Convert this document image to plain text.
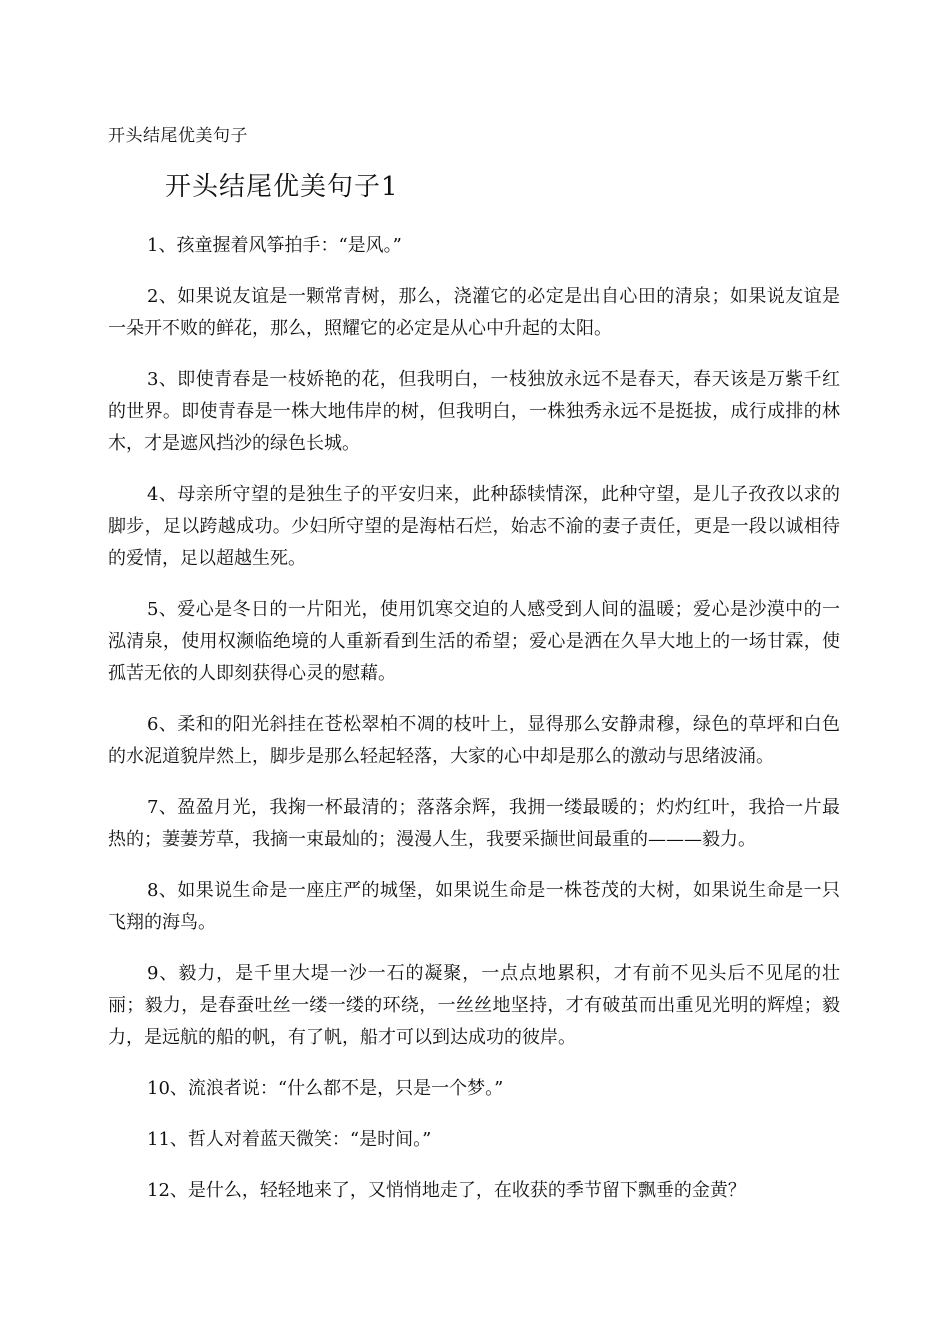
开头结尾优美句子
开头结尾优美句子1

1、孩童握着风筝拍手：“是风。”

2、如果说友谊是一颗常青树，那么，浇灌它的必定是出自心田的清泉；如果说友谊是一朵开不败的鲜花，那么，照耀它的必定是从心中升起的太阳。

3、即使青春是一枝娇艳的花，但我明白，一枝独放永远不是春天，春天该是万紫千红的世界。即使青春是一株大地伟岸的树，但我明白，一株独秀永远不是挺拔，成行成排的林木，才是遮风挡沙的绿色长城。

4、母亲所守望的是独生子的平安归来，此种舔犊情深，此种守望，是儿子孜孜以求的脚步，足以跨越成功。少妇所守望的是海枯石烂，始志不渝的妻子责任，更是一段以诚相待的爱情，足以超越生死。

5、爱心是冬日的一片阳光，使用饥寒交迫的人感受到人间的温暖；爱心是沙漠中的一泓清泉，使用权濒临绝境的人重新看到生活的希望；爱心是洒在久旱大地上的一场甘霖，使孤苦无依的人即刻获得心灵的慰藉。

6、柔和的阳光斜挂在苍松翠柏不凋的枝叶上，显得那么安静肃穆，绿色的草坪和白色的水泥道貌岸然上，脚步是那么轻起轻落，大家的心中却是那么的激动与思绪波涌。

7、盈盈月光，我掬一杯最清的；落落余辉，我拥一缕最暖的；灼灼红叶，我拾一片最热的；萋萋芳草，我摘一束最灿的；漫漫人生，我要采撷世间最重的———毅力。

8、如果说生命是一座庄严的城堡，如果说生命是一株苍茂的大树，如果说生命是一只飞翔的海鸟。

9、毅力，是千里大堤一沙一石的凝聚，一点点地累积，才有前不见头后不见尾的壮丽；毅力，是春蚕吐丝一缕一缕的环绕，一丝丝地坚持，才有破茧而出重见光明的辉煌；毅力，是远航的船的帆，有了帆，船才可以到达成功的彼岸。

10、流浪者说：“什么都不是，只是一个梦。”

11、哲人对着蓝天微笑：“是时间。”

12、是什么，轻轻地来了，又悄悄地走了，在收获的季节留下飘垂的金黄？
